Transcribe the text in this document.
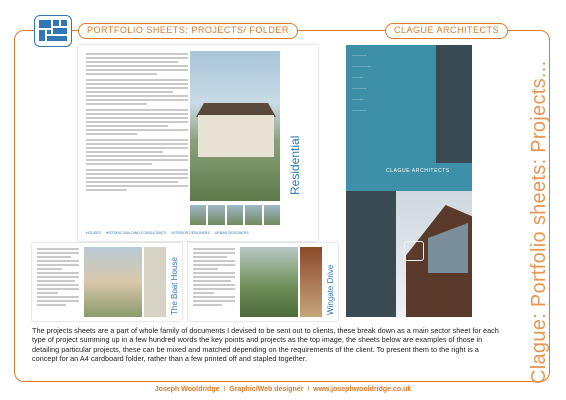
PORTFOLIO SHEETS: PROJECTS/ FOLDER	CLAGUE ARCHITECTS
Residential
HOUSES HISTORIC BUILDING CONSULTANTS INTERIOR DESIGNERS URBAN DESIGNERS
The Boat House	Wingate Drive
————
—————
———
————
———
————
CLAGUE ARCHITECTS	Clague: Portfolio sheets: Projects...

The projects sheets are a part of whole family of documents I devised to be sent out to clients, these break down as a main sector sheet for each type of project summing up in a few hundred words the key points and projects as the top image, the sheets below are examples of those in detailing particular projects, these can be mixed and matched depending on the requirements of the client. To present them to the right is a concept for an A4 cardboard folder, rather than a few printed off and stapled together.

Joseph Wooldridge I Graphic/Web designer I www.josephwooldridge.co.uk
